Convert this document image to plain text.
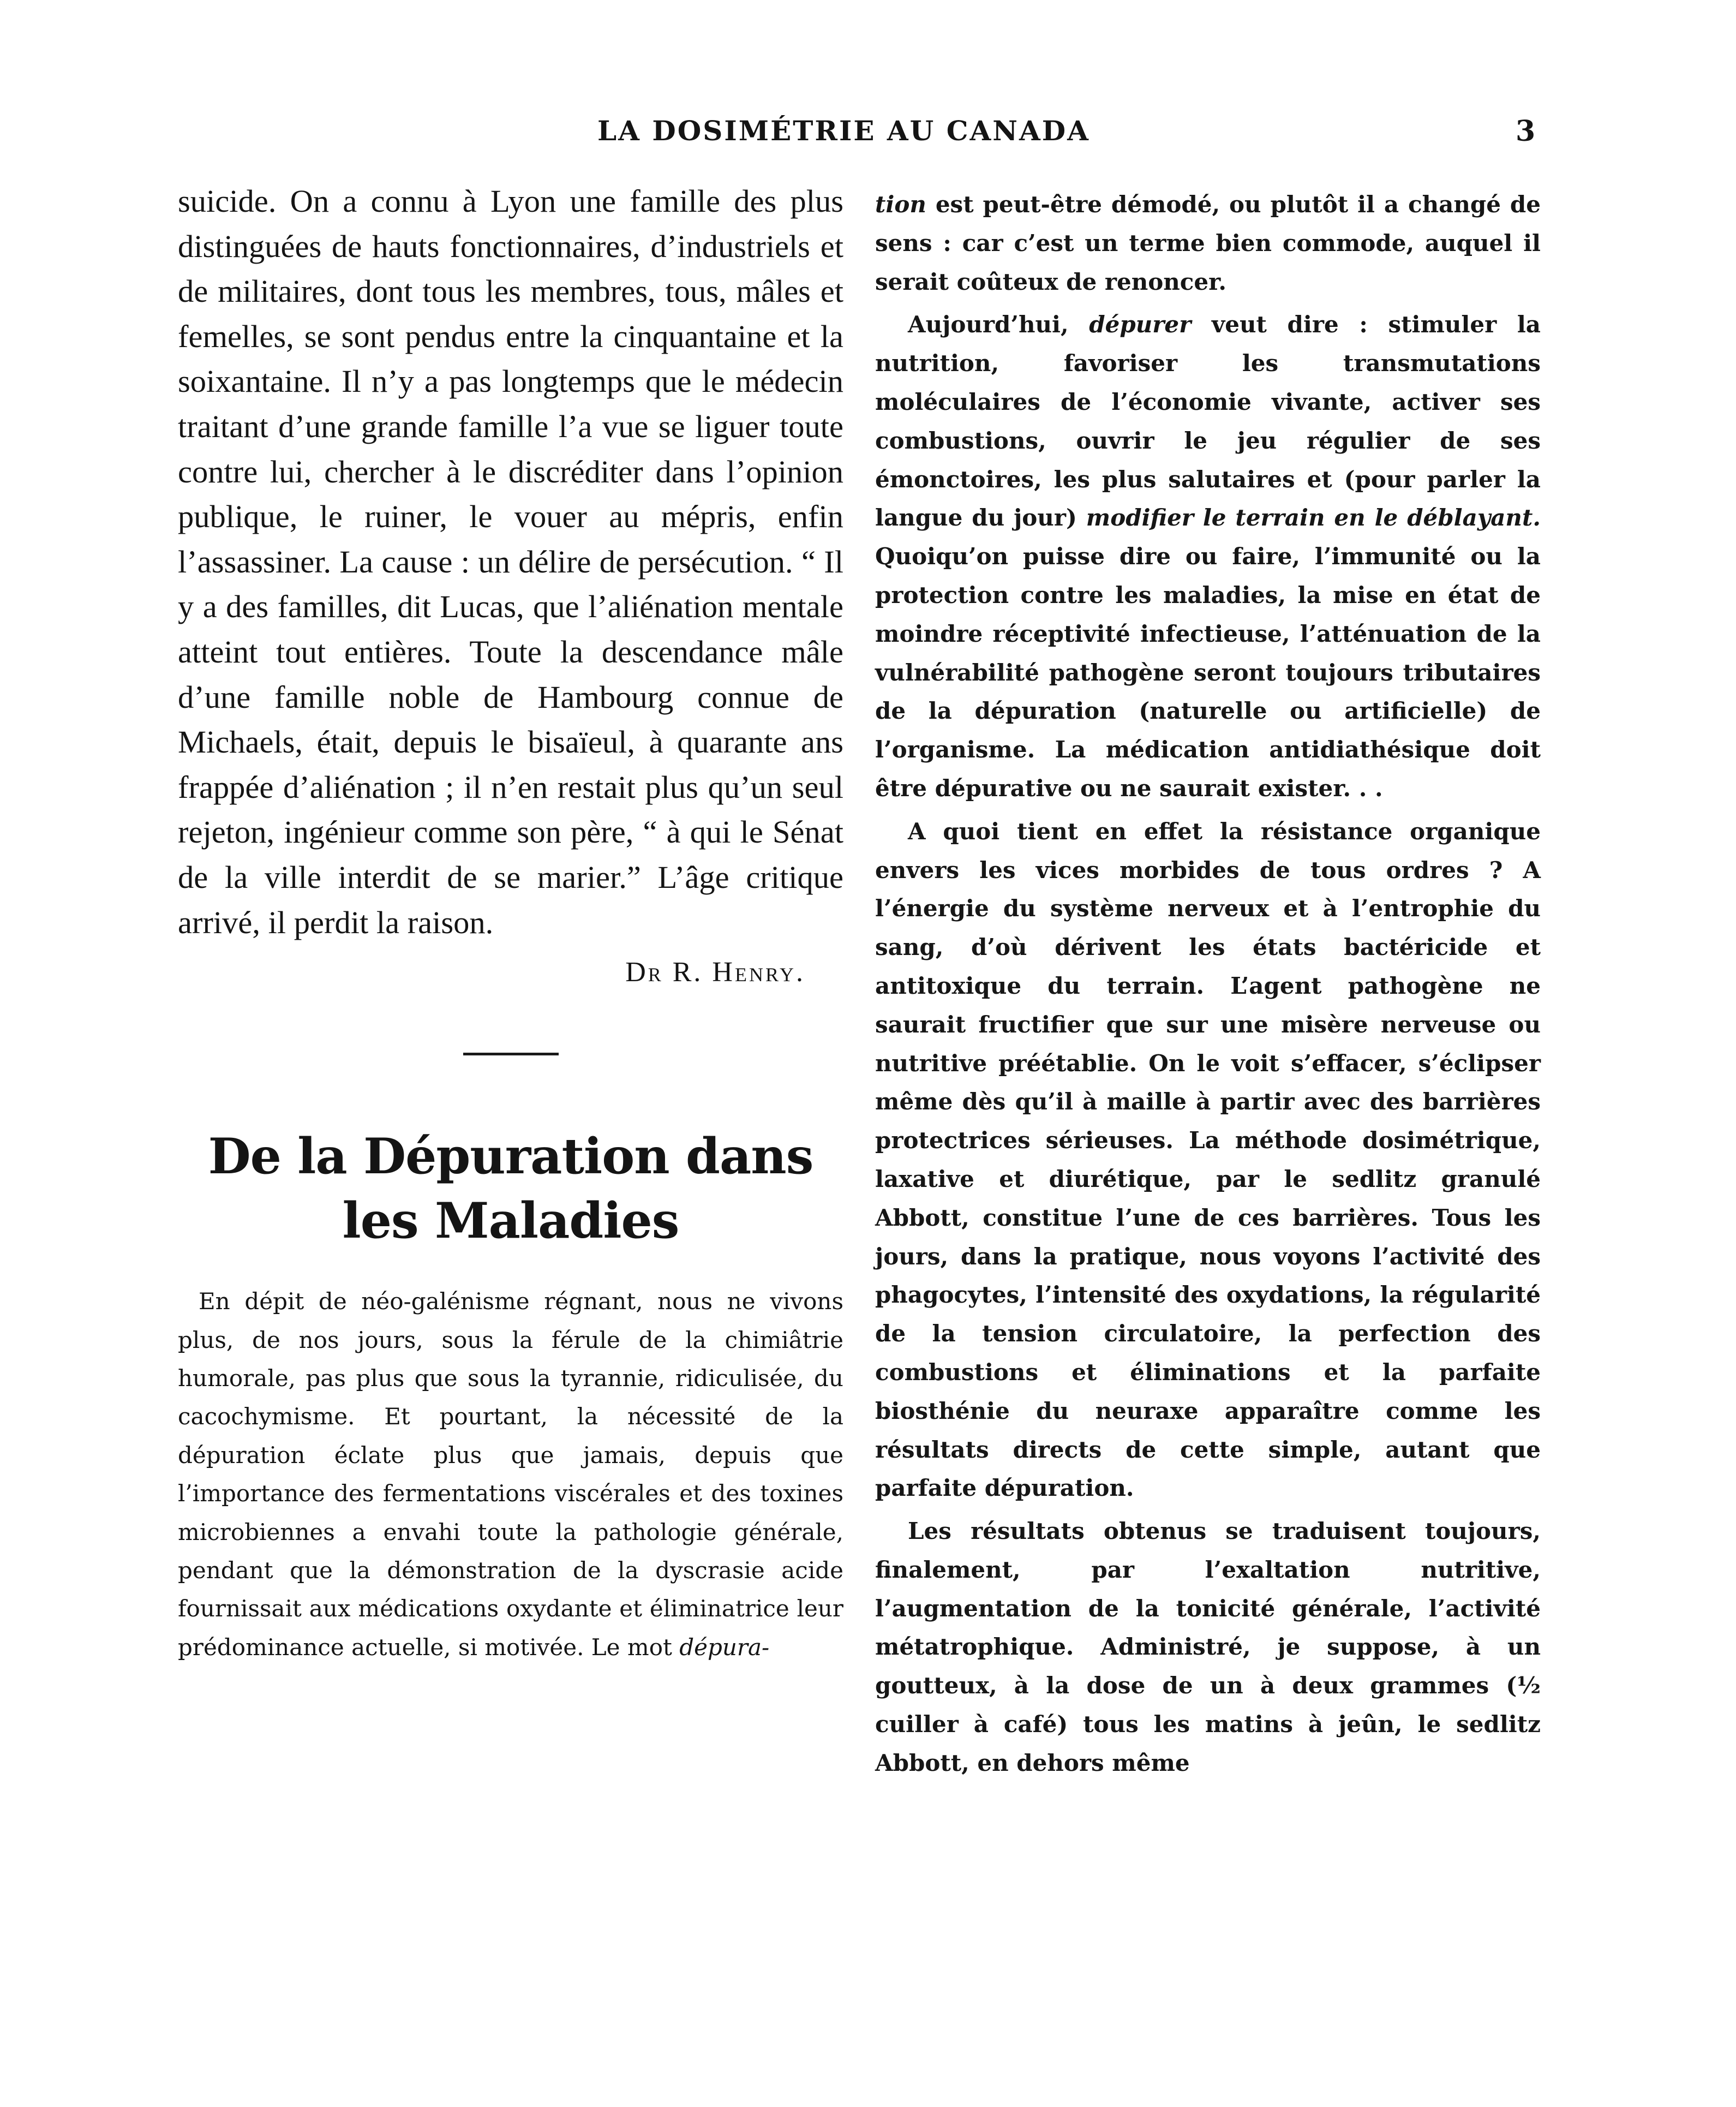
LA DOSIMÉTRIE AU CANADA	3

suicide. On a connu à Lyon une famille des plus distinguées de hauts fonctionnaires, d’industriels et de militaires, dont tous les membres, tous, mâles et femelles, se sont pendus entre la cinquantaine et la soixantaine. Il n’y a pas longtemps que le médecin traitant d’une grande famille l’a vue se liguer toute contre lui, chercher à le discréditer dans l’opinion publique, le ruiner, le vouer au mépris, enfin l’assassiner. La cause : un délire de persécution. “ Il y a des familles, dit Lucas, que l’aliénation mentale atteint tout entières. Toute la descendance mâle d’une famille noble de Hambourg connue de Michaels, était, depuis le bisaïeul, à quarante ans frappée d’aliénation ; il n’en restait plus qu’un seul rejeton, ingénieur comme son père, “ à qui le Sénat de la ville interdit de se marier.” L’âge critique arrivé, il perdit la raison.

Dr R. Henry.
De la Dépuration dans les Maladies

En dépit de néo-galénisme régnant, nous ne vivons plus, de nos jours, sous la férule de la chimiâtrie humorale, pas plus que sous la tyrannie, ridiculisée, du cacochymisme. Et pourtant, la nécessité de la dépuration éclate plus que jamais, depuis que l’importance des fermentations viscérales et des toxines microbiennes a envahi toute la pathologie générale, pendant que la démonstration de la dyscrasie acide fournissait aux médications oxydante et éliminatrice leur prédominance actuelle, si motivée. Le mot dépura-

tion est peut-être démodé, ou plutôt il a changé de sens : car c’est un terme bien commode, auquel il serait coûteux de renoncer.

Aujourd’hui, dépurer veut dire : stimuler la nutrition, favoriser les transmutations moléculaires de l’économie vivante, activer ses combustions, ouvrir le jeu régulier de ses émonctoires, les plus salutaires et (pour parler la langue du jour) modifier le terrain en le déblayant. Quoiqu’on puisse dire ou faire, l’immunité ou la protection contre les maladies, la mise en état de moindre réceptivité infectieuse, l’atténuation de la vulnérabilité pathogène seront toujours tributaires de la dépuration (naturelle ou artificielle) de l’organisme. La médication antidiathésique doit être dépurative ou ne saurait exister. . .

A quoi tient en effet la résistance organique envers les vices morbides de tous ordres ? A l’énergie du système nerveux et à l’entrophie du sang, d’où dérivent les états bactéricide et antitoxique du terrain. L’agent pathogène ne saurait fructifier que sur une misère nerveuse ou nutritive préétablie. On le voit s’effacer, s’éclipser même dès qu’il à maille à partir avec des barrières protectrices sérieuses. La méthode dosimétrique, laxative et diurétique, par le sedlitz granulé Abbott, constitue l’une de ces barrières. Tous les jours, dans la pratique, nous voyons l’activité des phagocytes, l’intensité des oxydations, la régularité de la tension circulatoire, la perfection des combustions et éliminations et la parfaite biosthénie du neuraxe apparaître comme les résultats directs de cette simple, autant que parfaite dépuration.

Les résultats obtenus se traduisent toujours, finalement, par l’exaltation nutritive, l’augmentation de la tonicité générale, l’activité métatrophique. Administré, je suppose, à un goutteux, à la dose de un à deux grammes (½ cuiller à café) tous les matins à jeûn, le sedlitz Abbott, en dehors même
